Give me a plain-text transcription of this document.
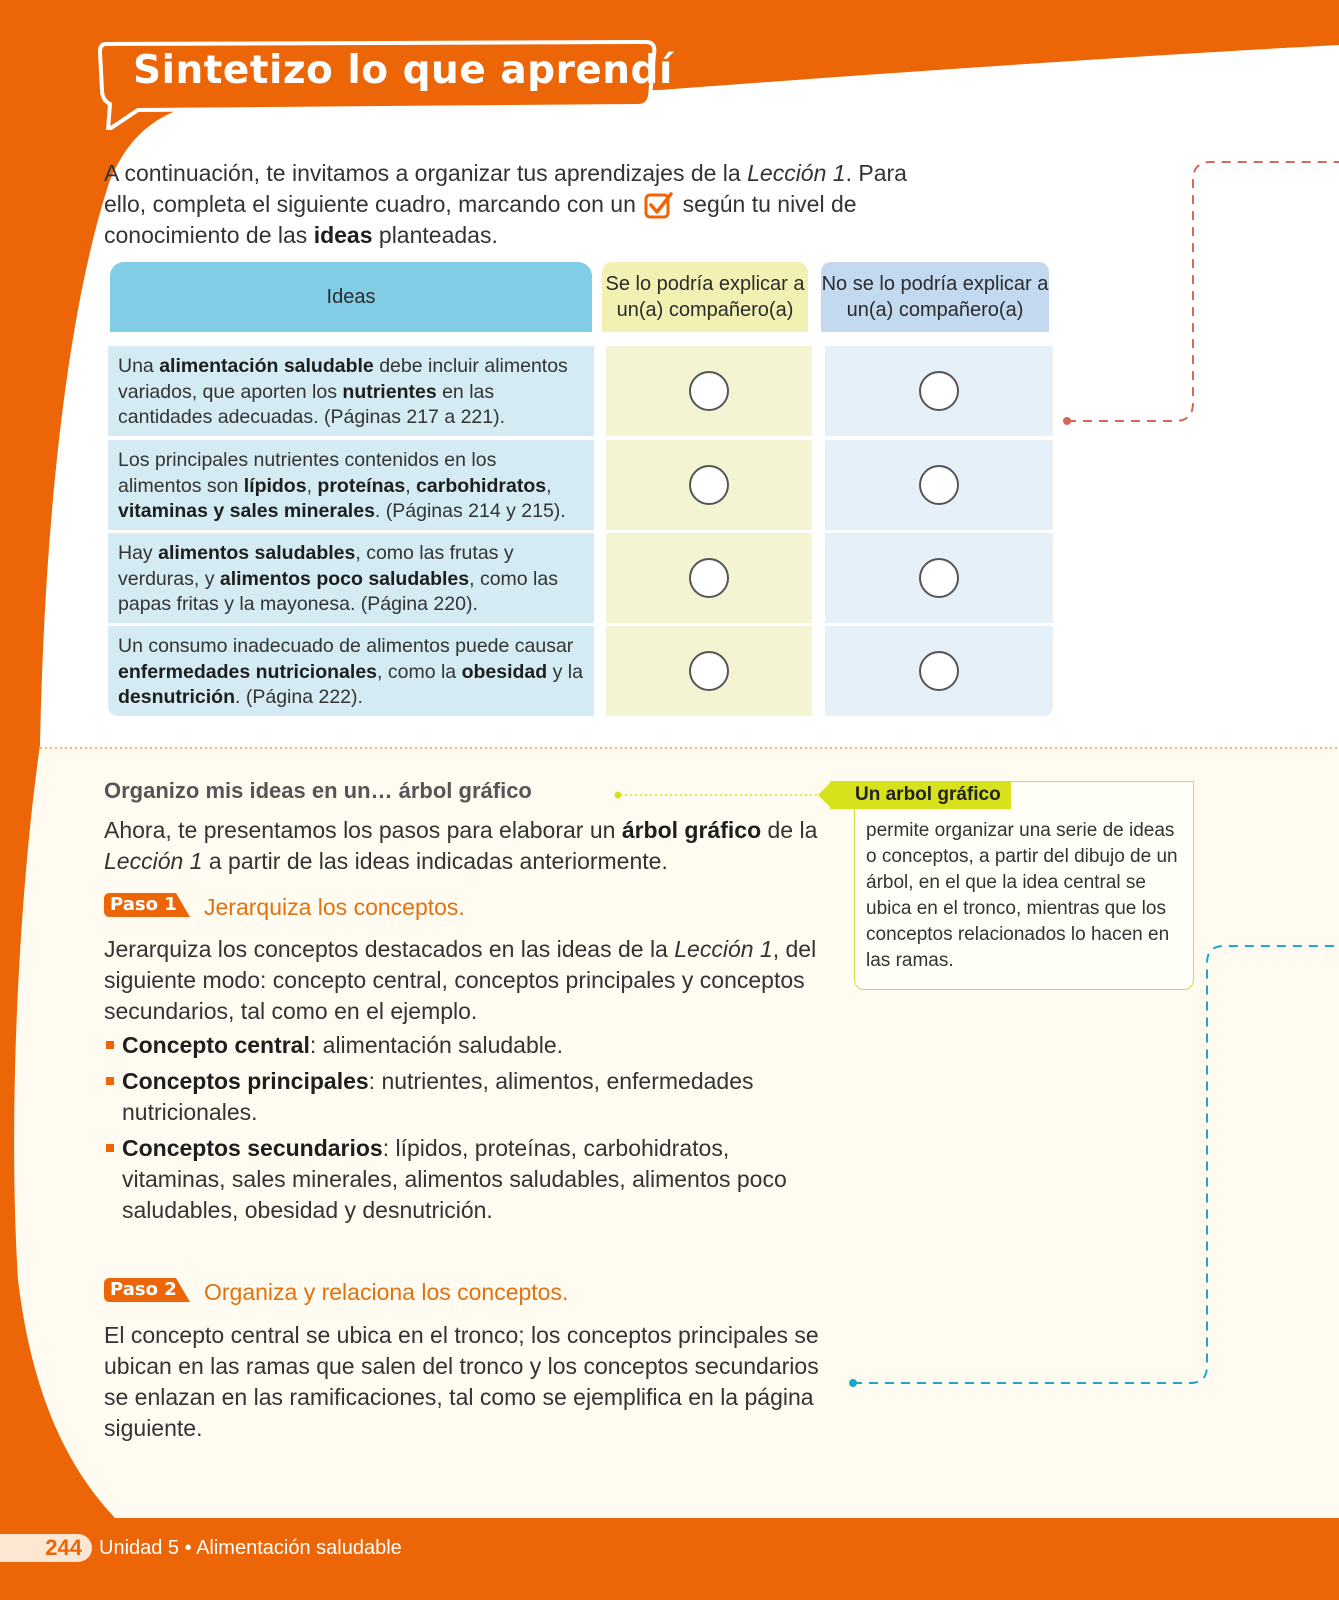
Sintetizo lo que aprendí
A continuación, te invitamos a organizar tus aprendizajes de la Lección 1. Para ello, completa el siguiente cuadro, marcando con un  según tu nivel de conocimiento de las ideas planteadas.
Ideas
Se lo podría explicar a un(a) compañero(a)
No se lo podría explicar a un(a) compañero(a)
Una alimentación saludable debe incluir alimentos variados, que aporten los nutrientes en las cantidades adecuadas. (Páginas 217 a 221).
Los principales nutrientes contenidos en los alimentos son lípidos, proteínas, carbohidratos, vitaminas y sales minerales. (Páginas 214 y 215).
Hay alimentos saludables, como las frutas y verduras, y alimentos poco saludables, como las papas fritas y la mayonesa. (Página 220).
Un consumo inadecuado de alimentos puede causar enfermedades nutricionales, como la obesidad y la desnutrición. (Página 222).
Organizo mis ideas en un… árbol gráfico
Ahora, te presentamos los pasos para elaborar un árbol gráfico de la Lección 1 a partir de las ideas indicadas anteriormente.
Paso 1 Jerarquiza los conceptos.
Jerarquiza los conceptos destacados en las ideas de la Lección 1, del siguiente modo: concepto central, conceptos principales y conceptos secundarios, tal como en el ejemplo.
Concepto central: alimentación saludable.
Conceptos principales: nutrientes, alimentos, enfermedades nutricionales.
Conceptos secundarios: lípidos, proteínas, carbohidratos, vitaminas, sales minerales, alimentos saludables, alimentos poco saludables, obesidad y desnutrición.
Paso 2 Organiza y relaciona los conceptos.
El concepto central se ubica en el tronco; los conceptos principales se ubican en las ramas que salen del tronco y los conceptos secundarios se enlazan en las ramificaciones, tal como se ejemplifica en la página siguiente.
Un arbol gráfico
permite organizar una serie de ideas o conceptos, a partir del dibujo de un árbol, en el que la idea central se ubica en el tronco, mientras que los conceptos relacionados lo hacen en las ramas.
244 Unidad 5 • Alimentación saludable
